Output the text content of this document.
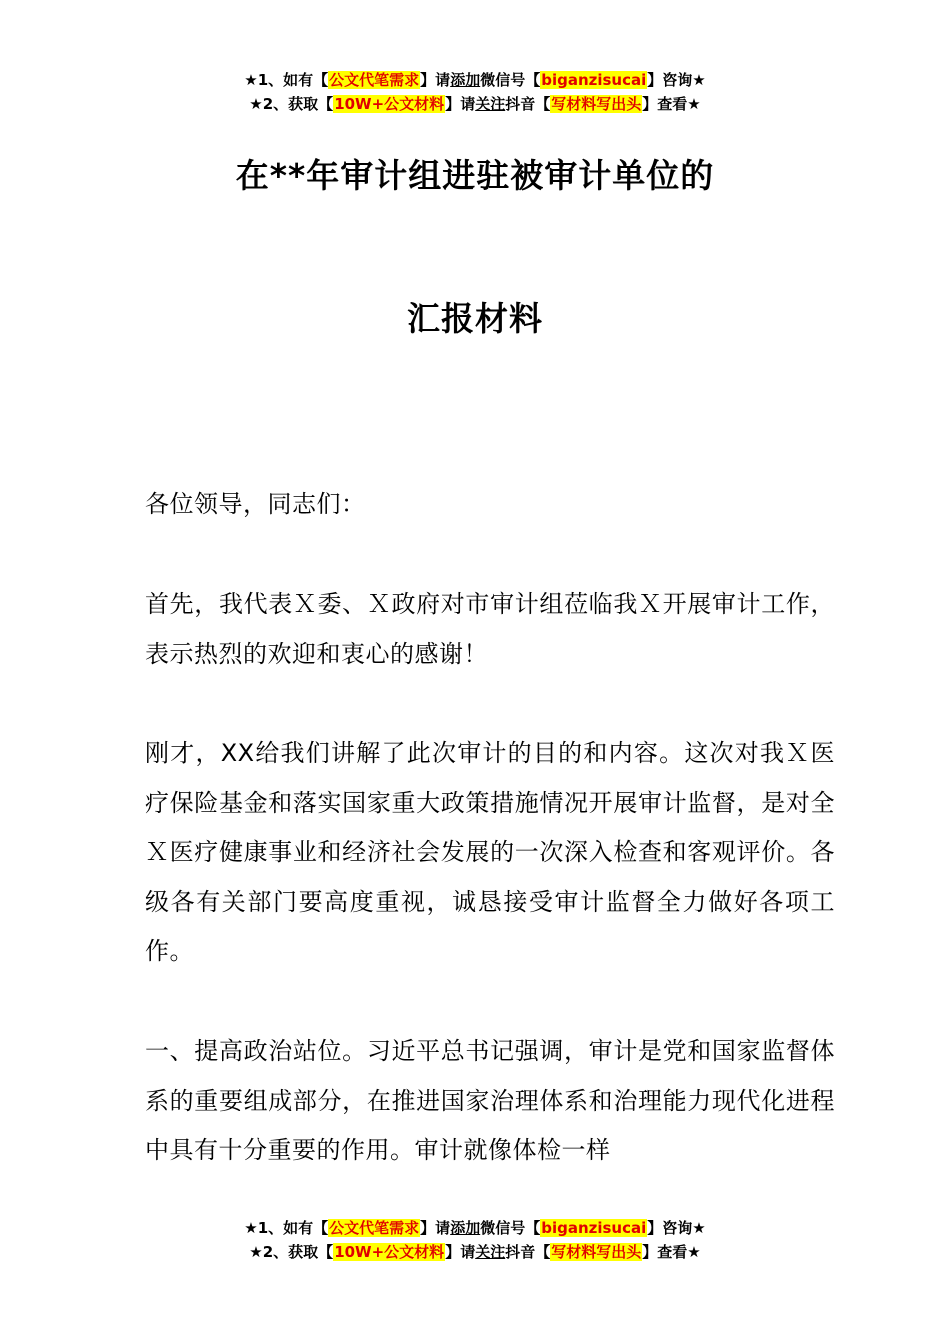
★1、如有【公文代笔需求】请添加微信号【biganzisucai】咨询★
★2、获取【10W+公文材料】请关注抖音【写材料写出头】查看★
在**年审计组进驻被审计单位的
汇报材料
各位领导，同志们：
首先，我代表Ｘ委、Ｘ政府对市审计组莅临我Ｘ开展审计工作，表示热烈的欢迎和衷心的感谢！
刚才，XX给我们讲解了此次审计的目的和内容。这次对我Ｘ医疗保险基金和落实国家重大政策措施情况开展审计监督，是对全Ｘ医疗健康事业和经济社会发展的一次深入检查和客观评价。各级各有关部门要高度重视，诚恳接受审计监督全力做好各项工作。
一、提高政治站位。习近平总书记强调，审计是党和国家监督体系的重要组成部分，在推进国家治理体系和治理能力现代化进程中具有十分重要的作用。审计就像体检一样
★1、如有【公文代笔需求】请添加微信号【biganzisucai】咨询★
★2、获取【10W+公文材料】请关注抖音【写材料写出头】查看★
